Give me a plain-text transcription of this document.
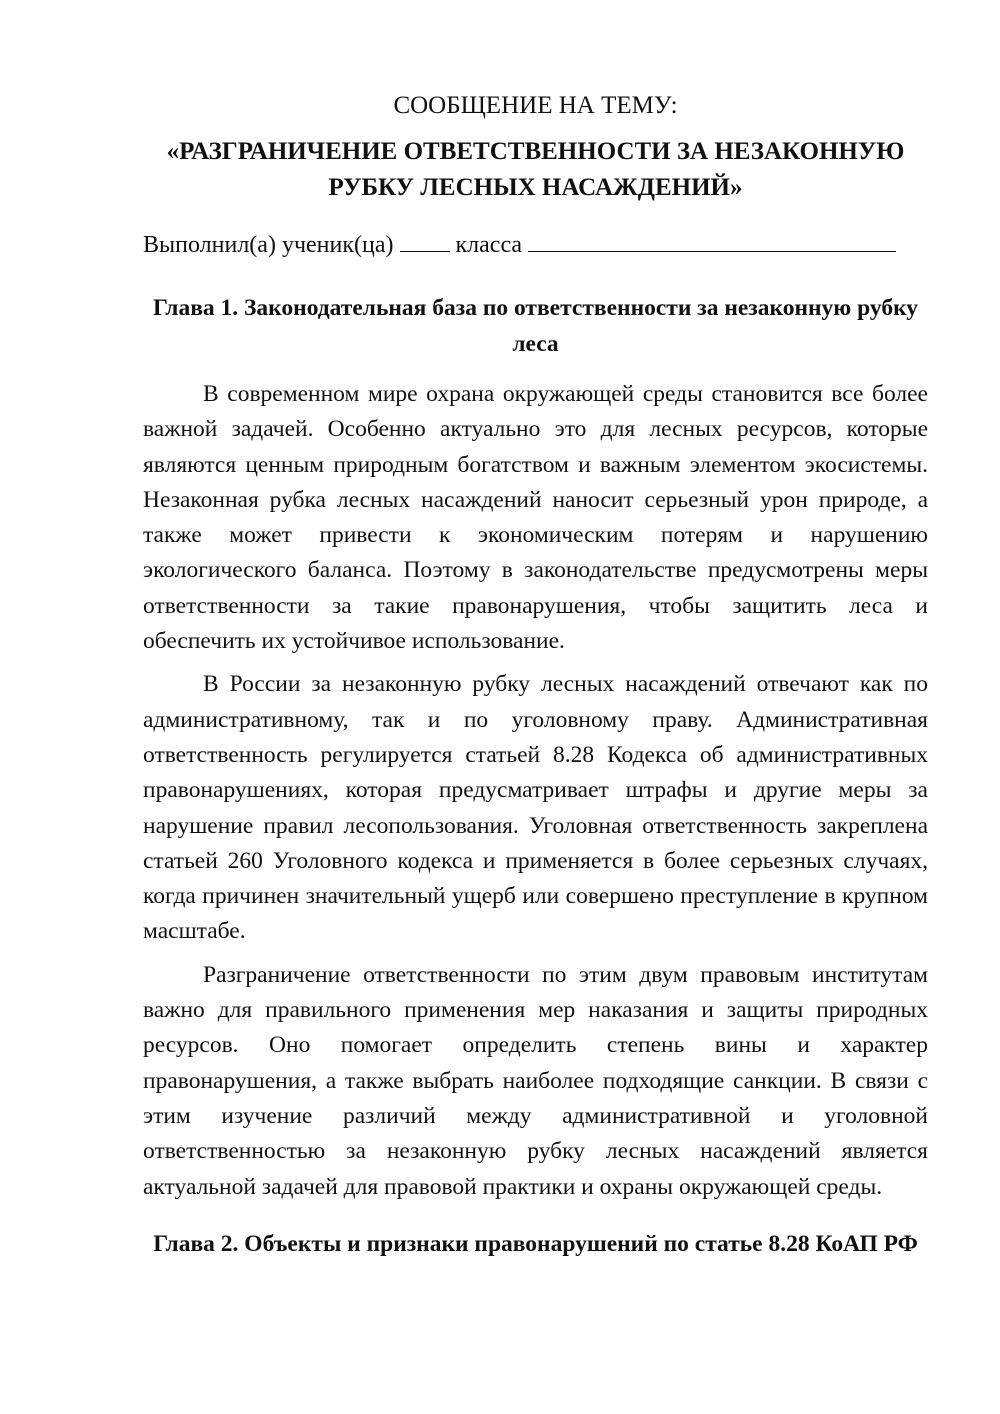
СООБЩЕНИЕ НА ТЕМУ:

«РАЗГРАНИЧЕНИЕ ОТВЕТСТВЕННОСТИ ЗА НЕЗАКОННУЮ
РУБКУ ЛЕСНЫХ НАСАЖДЕНИЙ»

Выполнил(а) ученик(ца)	класса

Глава 1. Законодательная база по ответственности за незаконную рубку
леса

В современном мире охрана окружающей среды становится все более важной задачей. Особенно актуально это для лесных ресурсов, которые являются ценным природным богатством и важным элементом экосистемы. Незаконная рубка лесных насаждений наносит серьезный урон природе, а также может привести к экономическим потерям и нарушению экологического баланса. Поэтому в законодательстве предусмотрены меры ответственности за такие правонарушения, чтобы защитить леса и обеспечить их устойчивое использование.

В России за незаконную рубку лесных насаждений отвечают как по административному, так и по уголовному праву. Административная ответственность регулируется статьей 8.28 Кодекса об административных правонарушениях, которая предусматривает штрафы и другие меры за нарушение правил лесопользования. Уголовная ответственность закреплена статьей 260 Уголовного кодекса и применяется в более серьезных случаях, когда причинен значительный ущерб или совершено преступление в крупном масштабе.

Разграничение ответственности по этим двум правовым институтам важно для правильного применения мер наказания и защиты природных ресурсов. Оно помогает определить степень вины и характер правонарушения, а также выбрать наиболее подходящие санкции. В связи с этим изучение различий между административной и уголовной ответственностью за незаконную рубку лесных насаждений является актуальной задачей для правовой практики и охраны окружающей среды.

Глава 2. Объекты и признаки правонарушений по статье 8.28 КоАП РФ
